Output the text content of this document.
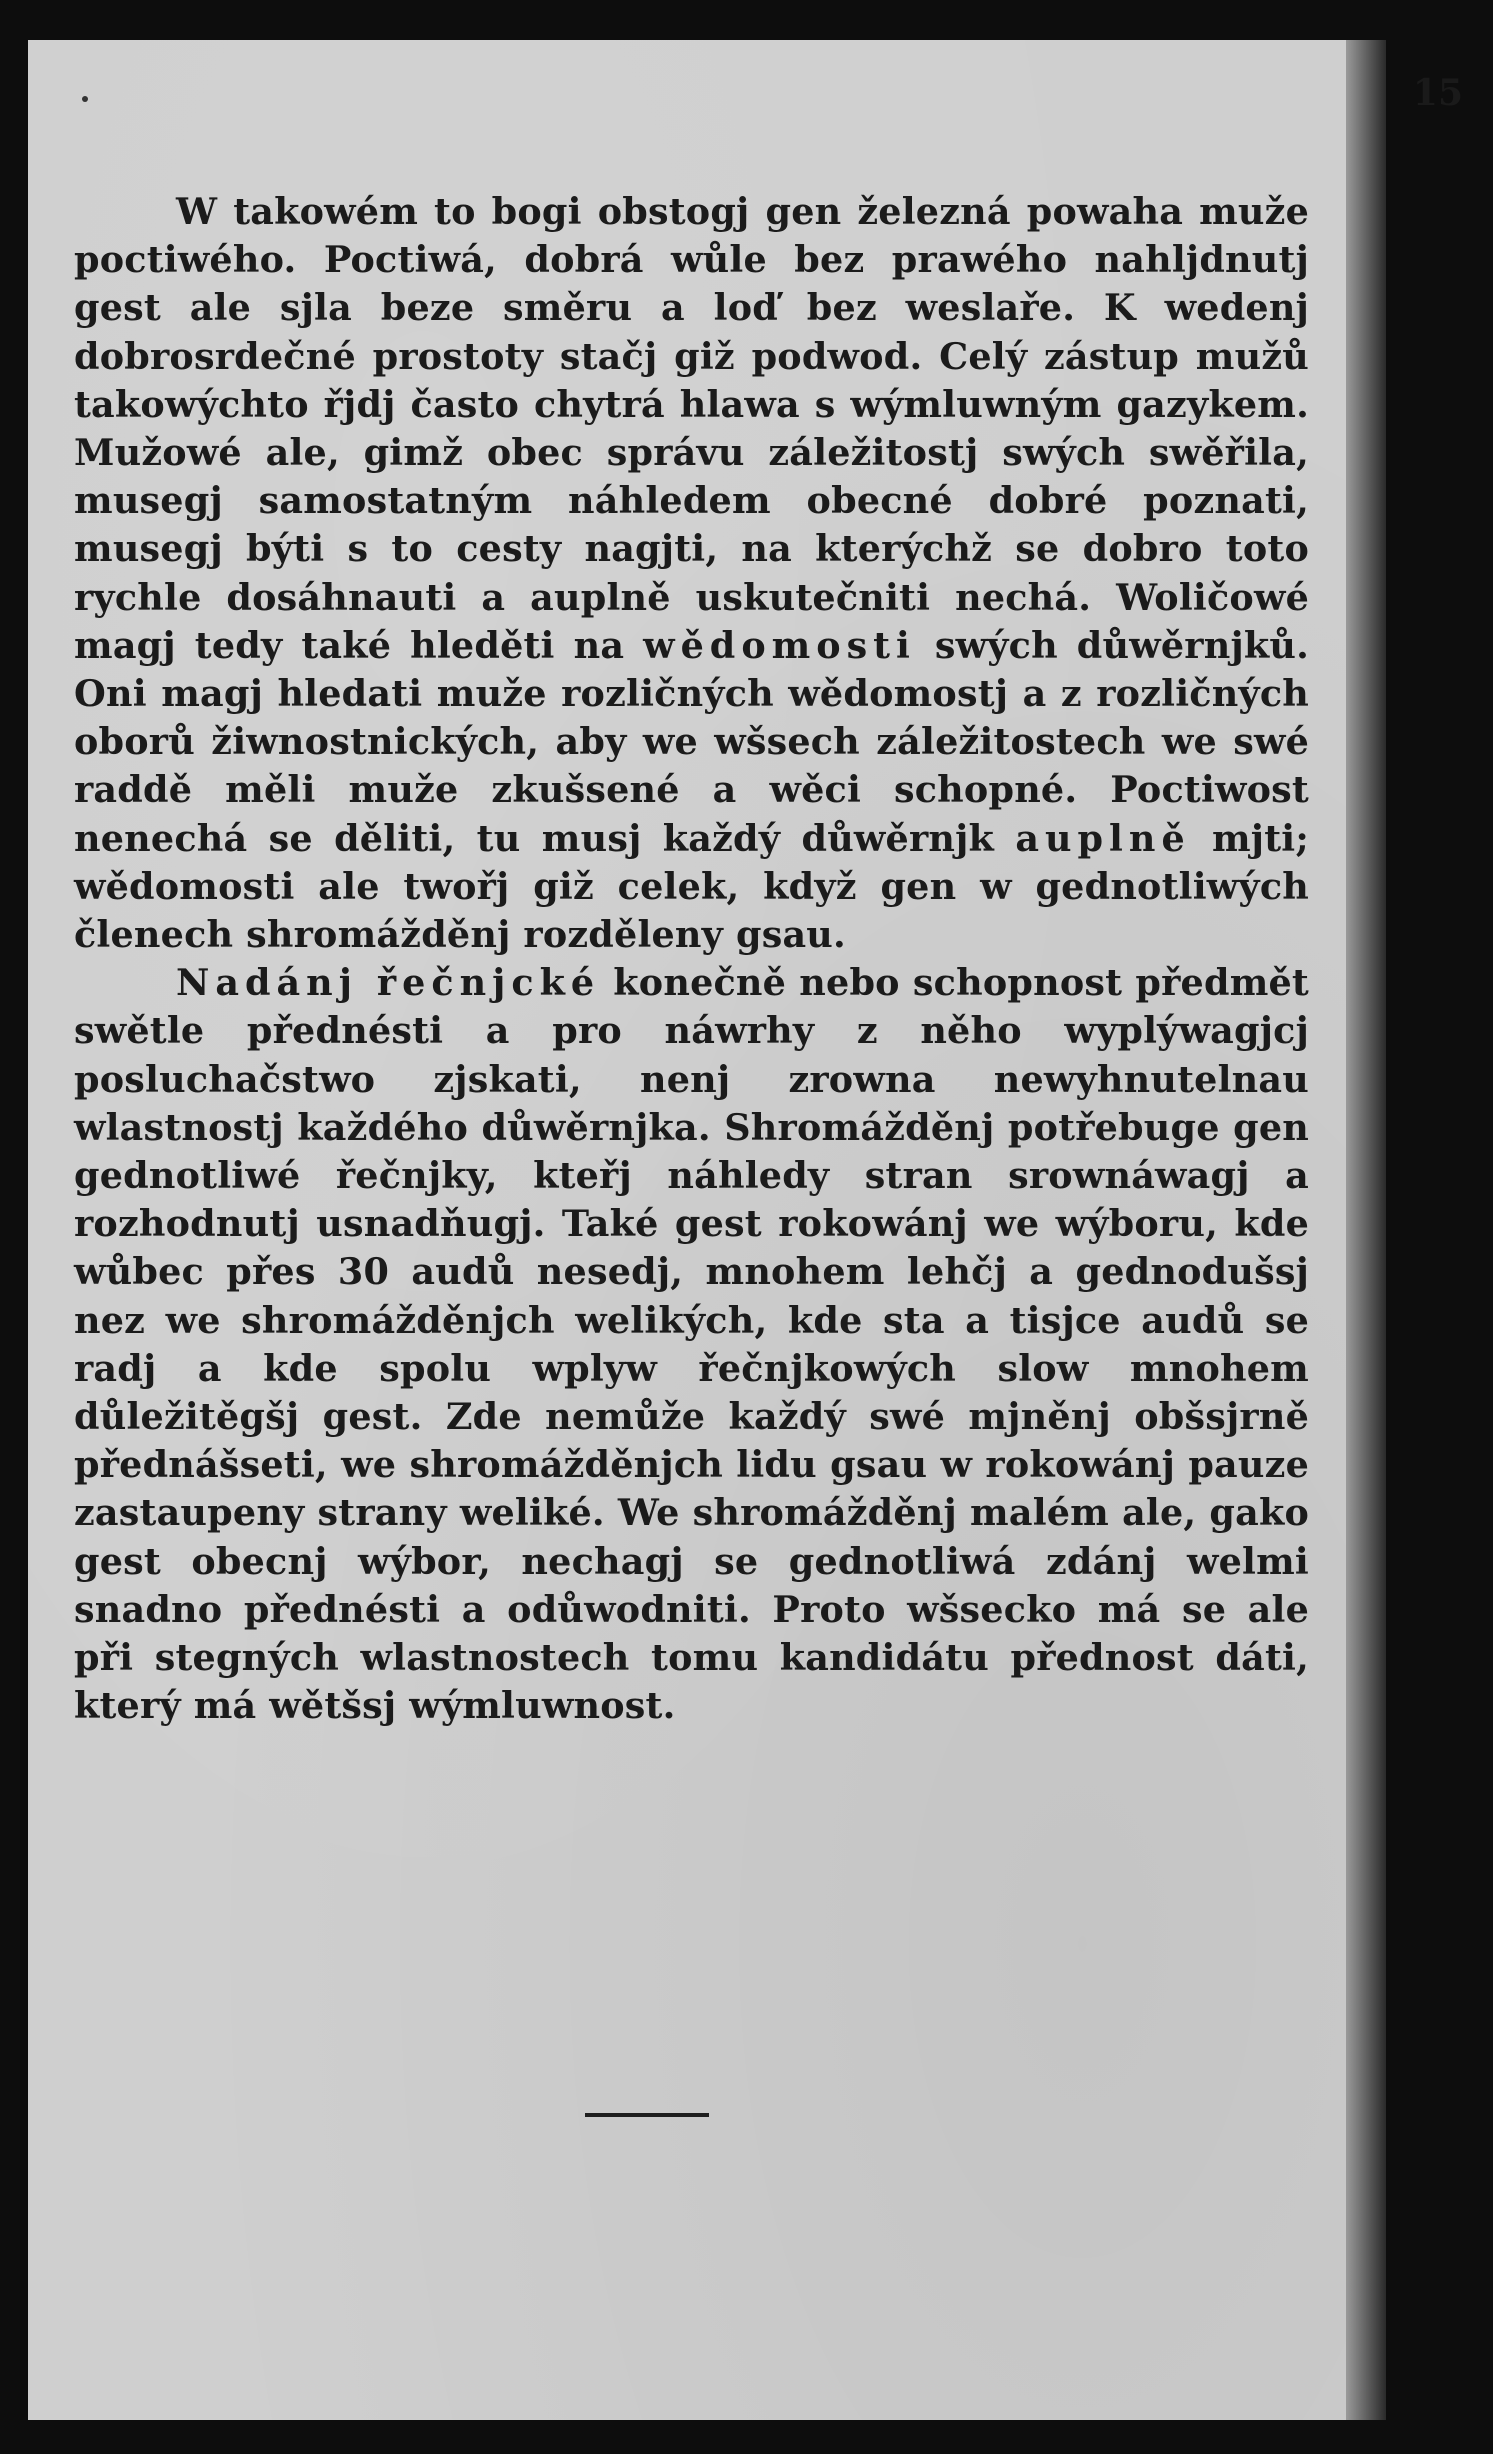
15

W takowém to bogi obstogj gen železná powaha muže poctiwého. Poctiwá, dobrá wůle bez prawého nahljdnutj gest ale sjla beze směru a loď bez weslaře. K wedenj dobrosrdečné prostoty stačj giž podwod. Celý zástup mužů takowýchto řjdj často chytrá hlawa s wýmluwným gazykem. Mužowé ale, gimž obec správu záležitostj swých swěřila, musegj samostatným náhledem obecné dobré poznati, musegj býti s to cesty nagjti, na kterýchž se dobro toto rychle dosáhnauti a auplně uskutečniti nechá. Woličowé magj tedy také hleděti na wědomosti swých důwěrnjků. Oni magj hledati muže rozličných wědomostj a z rozličných oborů žiwnostnických, aby we wšsech záležitostech we swé raddě měli muže zkušsené a wěci schopné. Poctiwost nenechá se děliti, tu musj každý důwěrnjk auplně mjti; wědomosti ale twořj giž celek, když gen w gednotliwých členech shromážděnj rozděleny gsau.

Nadánj řečnjcké konečně nebo schopnost předmět swětle přednésti a pro náwrhy z něho wyplýwagjcj posluchačstwo zjskati, nenj zrowna newyhnutelnau wlastnostj každého důwěrnjka. Shromážděnj potřebuge gen gednotliwé řečnjky, kteřj náhledy stran srownáwagj a rozhodnutj usnadňugj. Také gest rokowánj we wýboru, kde wůbec přes 30 audů nesedj, mnohem lehčj a gednodušsj nez we shromážděnjch welikých, kde sta a tisjce audů se radj a kde spolu wplyw řečnjkowých slow mnohem důležitěgšj gest. Zde nemůže každý swé mjněnj obšsjrně přednášseti, we shromážděnjch lidu gsau w rokowánj pauze zastaupeny strany weliké. We shromážděnj malém ale, gako gest obecnj wýbor, nechagj se gednotliwá zdánj welmi snadno přednésti a odůwodniti. Proto wšsecko má se ale při stegných wlastnostech tomu kandidátu přednost dáti, který má wětšsj wýmluwnost.
